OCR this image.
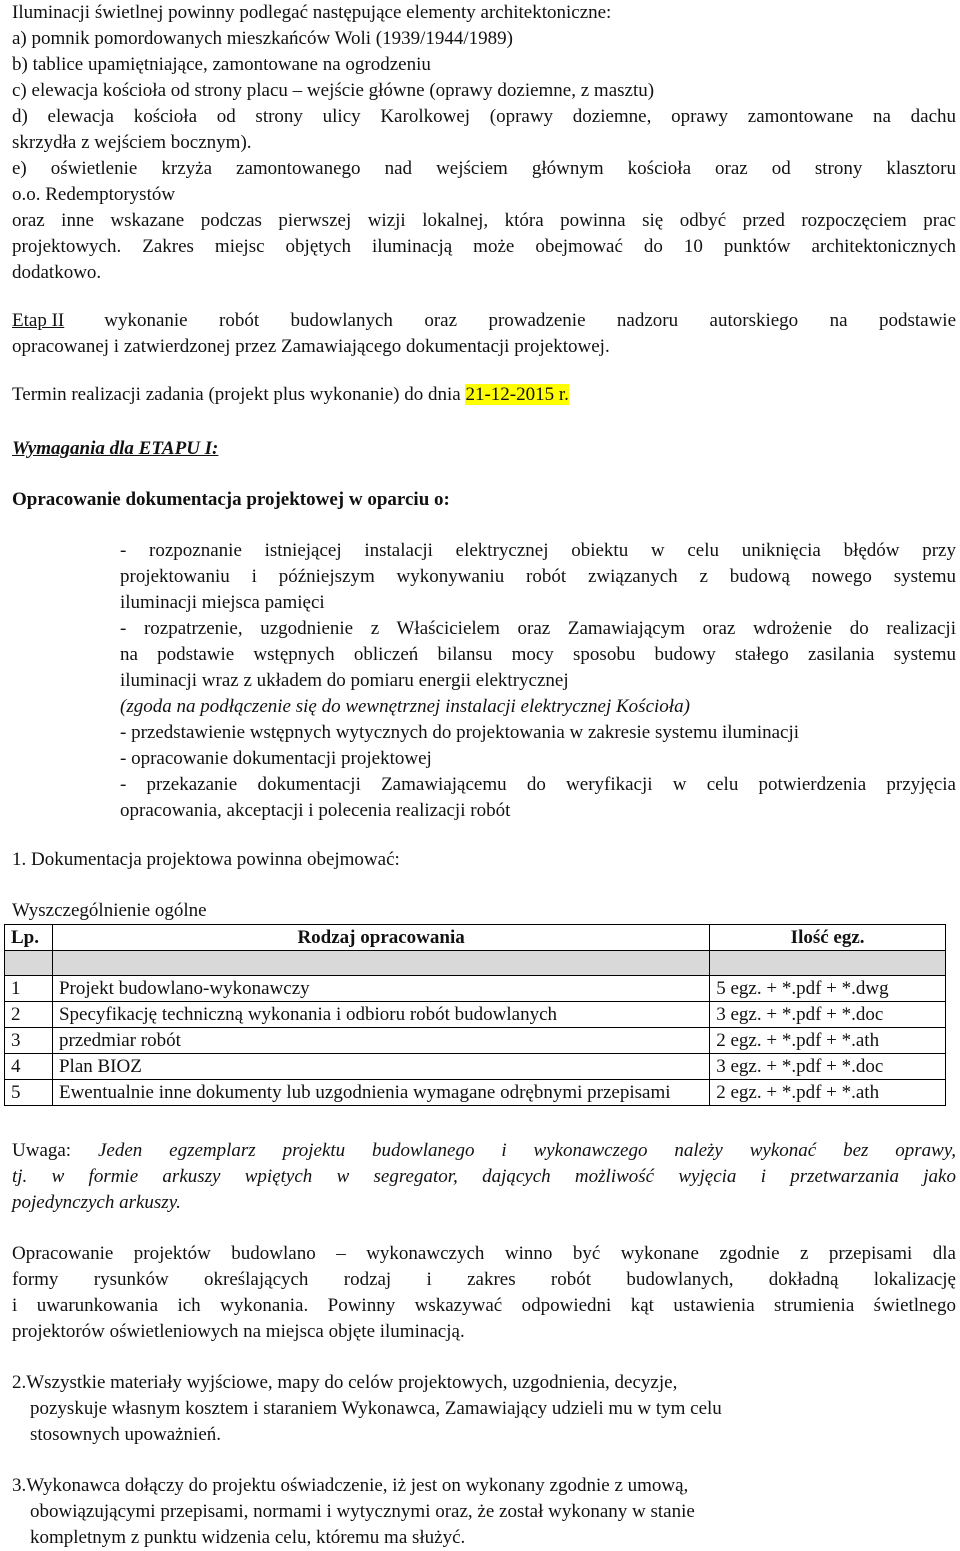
Iluminacji świetlnej powinny podlegać następujące elementy architektoniczne:
a) pomnik pomordowanych mieszkańców Woli (1939/1944/1989)
b) tablice upamiętniające, zamontowane na ogrodzeniu
c) elewacja kościoła od strony placu – wejście główne (oprawy doziemne, z masztu)
d) elewacja kościoła od strony ulicy Karolkowej (oprawy doziemne, oprawy zamontowane na dachu
skrzydła z wejściem bocznym).
e) oświetlenie krzyża zamontowanego nad wejściem głównym kościoła oraz od strony klasztoru
o.o. Redemptorystów
oraz inne wskazane podczas pierwszej wizji lokalnej, która powinna się odbyć przed rozpoczęciem prac
projektowych. Zakres miejsc objętych iluminacją może obejmować do 10 punktów architektonicznych
dodatkowo.
Etap II wykonanie robót budowlanych oraz prowadzenie nadzoru autorskiego na podstawie
opracowanej i zatwierdzonej przez Zamawiającego dokumentacji projektowej.
Termin realizacji zadania (projekt plus wykonanie) do dnia 21-12-2015 r.
Wymagania dla ETAPU I:
Opracowanie dokumentacja projektowej w oparciu o:
- rozpoznanie istniejącej instalacji elektrycznej obiektu w celu uniknięcia błędów przy
projektowaniu i późniejszym wykonywaniu robót związanych z budową nowego systemu
iluminacji miejsca pamięci
- rozpatrzenie, uzgodnienie z Właścicielem oraz Zamawiającym oraz wdrożenie do realizacji
na podstawie wstępnych obliczeń bilansu mocy sposobu budowy stałego zasilania systemu
iluminacji wraz z układem do pomiaru energii elektrycznej
(zgoda na podłączenie się do wewnętrznej instalacji elektrycznej Kościoła)
- przedstawienie wstępnych wytycznych do projektowania w zakresie systemu iluminacji
- opracowanie dokumentacji projektowej
- przekazanie dokumentacji Zamawiającemu do weryfikacji w celu potwierdzenia przyjęcia
opracowania, akceptacji i polecenia realizacji robót
1. Dokumentacja projektowa powinna obejmować:
Wyszczególnienie ogólne
Lp.	Rodzaj opracowania	Ilość egz.

1	Projekt budowlano-wykonawczy	5 egz. + *.pdf + *.dwg
2	Specyfikację techniczną wykonania i odbioru robót budowlanych	3 egz. + *.pdf + *.doc
3	przedmiar robót	2 egz. + *.pdf + *.ath
4	Plan BIOZ	3 egz. + *.pdf + *.doc
5	Ewentualnie inne dokumenty lub uzgodnienia wymagane odrębnymi przepisami	2 egz. + *.pdf + *.ath
Uwaga: Jeden egzemplarz projektu budowlanego i wykonawczego należy wykonać bez oprawy,
tj. w formie arkuszy wpiętych w segregator, dających możliwość wyjęcia i przetwarzania jako
pojedynczych arkuszy.
Opracowanie projektów budowlano – wykonawczych winno być wykonane zgodnie z przepisami dla
formy rysunków określających rodzaj i zakres robót budowlanych, dokładną lokalizację
i uwarunkowania ich wykonania. Powinny wskazywać odpowiedni kąt ustawienia strumienia świetlnego
projektorów oświetleniowych na miejsca objęte iluminacją.
2.Wszystkie materiały wyjściowe, mapy do celów projektowych, uzgodnienia, decyzje,
pozyskuje własnym kosztem i staraniem Wykonawca, Zamawiający udzieli mu w tym celu
stosownych upoważnień.
3.Wykonawca dołączy do projektu oświadczenie, iż jest on wykonany zgodnie z umową,
obowiązującymi przepisami, normami i wytycznymi oraz, że został wykonany w stanie
kompletnym z punktu widzenia celu, któremu ma służyć.
